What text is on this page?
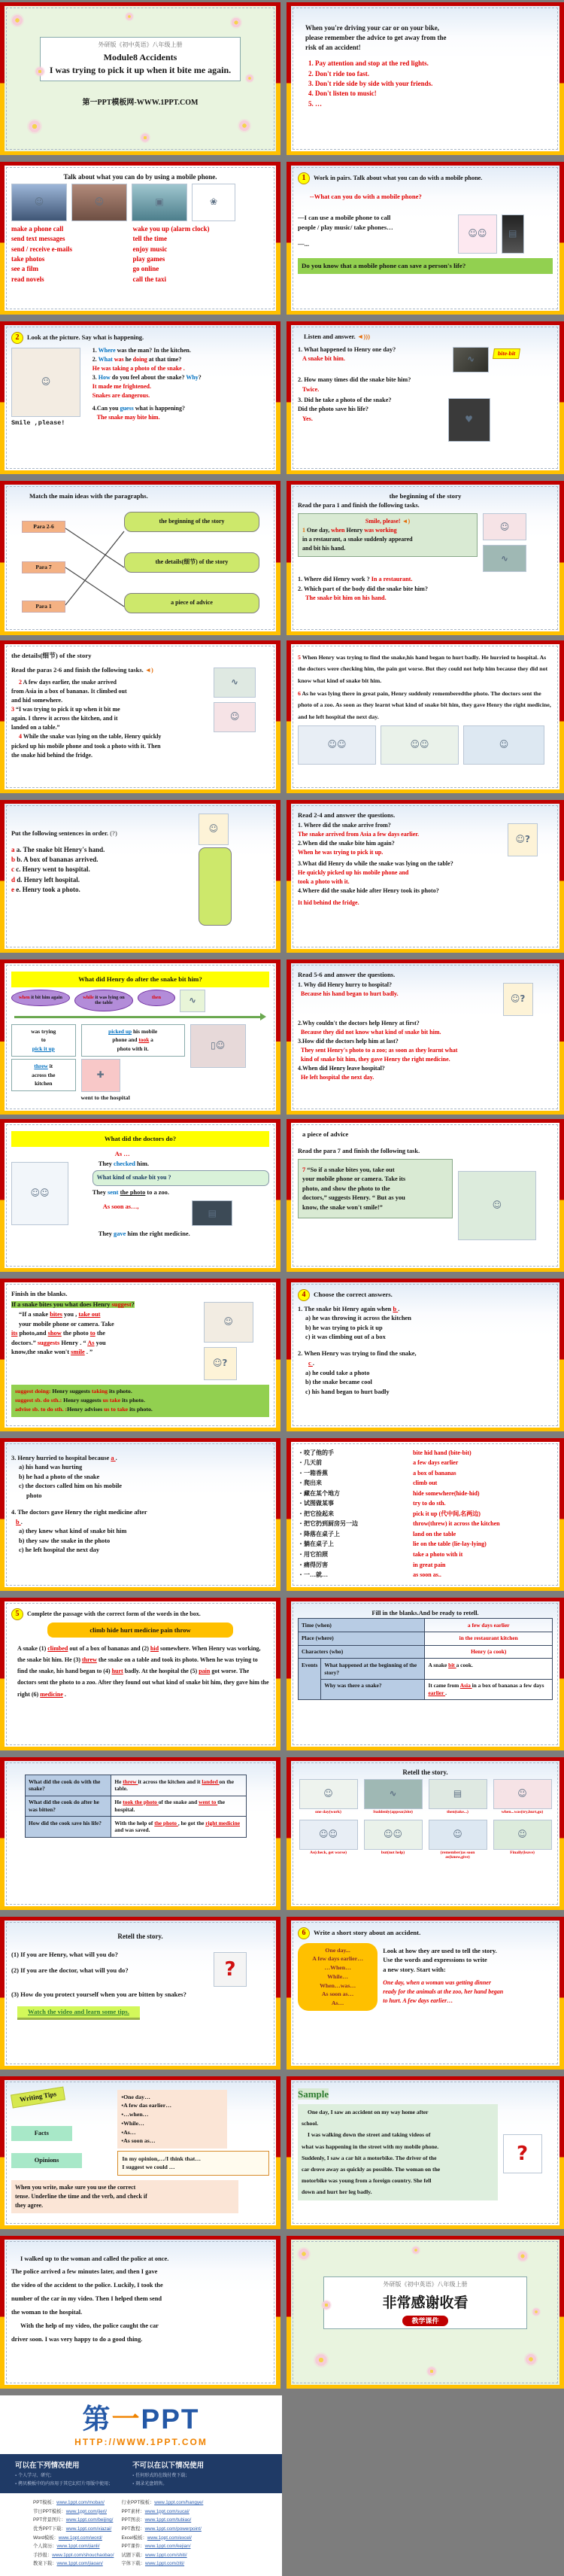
外研版《初中英语》八年级上册
Module8 Accidents
I was trying to pick it up when it bite me again.
第一PPT模板网-WWW.1PPT.COM
When you're driving your car or on your bike,
please remember the advice to get away from the
risk of an accident!
1. Pay attention and stop at the red lights.
2. Don't ride too fast.
3. Don't ride side by side with your friends.
4. Don't listen to music!
5. …
Talk about what you can do by using a mobile phone.
☺	☺	▣	❀
make a phone call
send text messages
send / receive e-mails
take photos
see a film
read novels
wake you up (alarm clock)
tell the time
enjoy music
play games
go online
call the taxi
1	Work in pairs. Talk about what you can do with a mobile phone.
--What can you do with a mobile phone?
—I can use a mobile phone to call
people / play music/ take phones…
—...
☺☺	▤
Do you know that a mobile phone can save a person's life?
2	Look at the picture. Say what is happening.
☺
Smile ,please!
1. Where was the man? In the kitchen.
2. What was he doing at that time?
He was taking a photo of the snake .
3. How do you feel about the snake? Why?
It made me frightened.
Snakes are dangerous.
4.Can you guess what is happening?
The snake may bite him.
Listen and answer. ◄)))
1. What happened to Henry one day?
A snake bit him.	∿
bite-bit
2. How many times did the snake bite him?
Twice.
3. Did he take a photo of the snake?
Did the photo save his life?
Yes.	♥
Match the main ideas with the paragraphs.
Para 2-6
Para 7
Para 1
the beginning of the story
the details(细节) of the story
a piece of advice
the beginning of the story
Read the para 1 and finish the following tasks.
Smile, please! ◄)
1 One day, when Henry was working
in a restaurant, a snake suddenly appeared
and bit his hand.
☺
∿
1. Where did Henry work ? In a restaurant.
2. Which part of the body did the snake bite him?
The snake bit him on his hand.
the details(细节) of the story
Read the paras 2-6 and finish the following tasks. ◄)
2 A few days earlier, the snake arrived
from Asia in a box of bananas. It climbed out
and hid somewhere.
3 “I was trying to pick it up when it bit me
again. I threw it across the kitchen, and it
landed on a table.”
4 While the snake was lying on the table, Henry quickly
picked up his mobile phone and took a photo with it. Then
the snake hid behind the fridge.
∿
☺
5 When Henry was trying to find the snake,his hand began to hurt badly. He hurried to hospital. As the doctors were checking him, the pain got worse. But they could not help him because they did not know what kind of snake bit him.
6 As he was lying there in great pain, Henry suddenly rememberedthe photo. The doctors sent the photo of a zoo. As soon as they learnt what kind of snake bit him, they gave Henry the right medicine, and he left hospital the next day.
☺☺	☺☺	☺
Put the following sentences in order. (?)
a a. The snake bit Henry's hand.
b b. A box of bananas arrived.
c c. Henry went to hospital.
d d. Henry left hospital.
e e. Henry took a photo.
☺
Read 2-4 and answer the questions.
1. Where did the snake arrive from?
The snake arrived from Asia a few days earlier.
2.When did the snake bite him again?
When he was trying to pick it up.
☺?
3.What did Henry do while the snake was lying on the table?
He quickly picked up his mobile phone and
took a photo with it.
4.Where did the snake hide after Henry took its photo?
It hid behind the fridge.
What did Henry do after the snake bit him?
when it bit him again	while it was lying on the table
then	∿
was trying
to
pick it up
threw it
across the
kitchen
picked up his mobile
phone and took a
photo with it.
✚
went to the hospital
▯☺
Read 5-6 and answer the questions.
1. Why did Henry hurry to hospital?
Because his hand began to hurt badly.	☺?
2.Why couldn't the doctors help Henry at first?
Because they did not know what kind of snake bit him.
3.How did the doctors help him at last?
They sent Henry's photo to a zoo; as soon as they learnt what
kind of snake bit him, they gave Henry the right medicine.
4.When did Henry leave hospital?
He left hospital the next day.
What did the doctors do?
☺☺
As …
They checked him.
What kind of snake bit you ?
They sent the photo to a zoo.
As soon as…,
▤
They gave him the right medicine.
a piece of advice
Read the para 7 and finish the following task.
7 “So if a snake bites you, take out
your mobile phone or camera. Take its
photo, and show the photo to the
doctors,” suggests Henry. “ But as you
know, the snake won't smile!”	☺
Finish in the blanks.
If a snake bites you what does Henry suggest?
“If a snake bites you , take out
your mobile phone or camera. Take
its photo,and show the photo to the
doctors.” suggests Henry . “ As you
know,the snake won't smile . ”
☺
☺?
suggest doing: Henry suggests taking its photo.
suggest sb. do sth.: Henry suggests us take its photo.
advise sb. to do sth. :Henry advises us to take its photo.
4	Choose the correct answers.
1. The snake bit Henry again when b .
a) he was throwing it across the kitchen
b) he was trying to pick it up
c) it was climbing out of a box
2. When Henry was trying to find the snake,
c .
a) he could take a photo
b) the snake became cool
c) his hand began to hurt badly
3. Henry hurried to hospital because a .
a) his hand was hurting
b) he had a photo of the snake
c) the doctors called him on his mobile
photo
4. The doctors gave Henry the right medicine after
b .
a) they knew what kind of snake bit him
b) they saw the snake in the photo
c) he left hospital the next day
・咬了他的手	bite hid hand (bite-bit)
・几天前	a few days earlier
・一箱香蕉	a box of bananas
・爬出来	climb out
・藏在某个地方	hide somewhere(hide-hid)
・试图做某事	try to do sth.
・把它捡起来	pick it up (代中间,名两边)
・把它扔到厨房另一边	throw(threw) it across the kitchen
・降落在桌子上	land on the table
・躺在桌子上	lie on the table (lie-lay-lying)
・用它拍照	take a photo with it
・痛得厉害	in great pain
・一…就…	as soon as..
5	Complete the passage with the correct form of the words in the box.
climb hide hurt medicine pain throw
A snake (1) climbed out of a box of bananas and (2) hid somewhere. When Henry was working, the snake bit him. He (3) threw the snake on a table and took its photo. When he was trying to find the snake, his hand began to (4) hurt badly. At the hospital the (5) pain got worse. The doctors sent the photo to a zoo. After they found out what kind of snake bit him, they gave him the right (6) medicine .
Fill in the blanks.And be ready to retell.
Time (when)		a few days earlier

Place (where)		in the restaurant kitchen

Characters (who)		Henry (a cook)

Events	What happened at the beginning of the story?	A snake bit a cook.

	Why was there a snake?	It came from Asia in a box of bananas a few days earlier .
What did the cook do with the snake?	He threw it across the kitchen and it landed on the table.

What did the cook do after he was bitten?	He took the photo of the snake and went to the hospital.

How did the cook save his life?	With the help of the photo , he got the right medicine and was saved.
Retell the story.
☺
one day(work)
∿
Suddenly(appear,bite)
▤
then(take...)
☺
when...was(try,hurt,go)
☺☺
As(check, get worse)
☺☺
but(not help)
☺
(remember)as soon as(know,give)
☺
Finally(leave)
Retell the story.
(1) If you are Henry, what will you do?
(2) If you are the doctor, what will you do?	?
(3) How do you protect yourself when you are bitten by snakes?
Watch the video and learn some tips.
6	Write a short story about an accident.
One day...
A few days earlier…
…When…
While…
When…was…
As soon as…
As…
Look at how they are used to tell the story.
Use the words and expressions to write
a new story. Start with:
One day, when a woman was getting dinner
ready for the animals at the zoo, her hand began
to hurt. A few days earlier…
Writing Tips
Facts
Opinions
•One day…
•A few das earlier…
•…when…
•While…
•As…
•As soon as…
In my opinion,…/I think that…
I suggest we could …
When you write, make sure you use the correct
tense. Underline the time and the verb, and check if
they agree.
Sample
One day, I saw an accident on my way home after
school.
I was walking down the street and taking videos of
what was happening in the street with my mobile phone.
Suddenly, I saw a car hit a motorbike. The driver of the
car drove away as quickly as possible. The woman on the
motorbike was young from a foreign country. She fell
down and hurt her leg badly.
?
I walked up to the woman and called the police at once.
The police arrived a few minutes later, and then I gave
the video of the accident to the police. Luckily, I took the
number of the car in my video. Then I helped them send
the woman to the hospital.
With the help of my video, the police caught the car
driver soon. I was very happy to do a good thing.
外研版《初中英语》八年级上册
非常感谢收看
教学课件
第一PPT
HTTP://WWW.1PPT.COM
可以在下列情况使用
▪ 个人学习、研究；
▪ 拷贝模板中的内容用于其它幻灯片母版中使用；
不可以在以下情况使用
▪ 任何形式的在线付费下载；
▪ 刻录光盘销售。
PPT模板：www.1ppt.com/moban/
节日PPT模板：www.1ppt.com/jieri/
PPT背景图片：www.1ppt.com/beijing/
优秀PPT下载：www.1ppt.com/xiazai/
Word模板：www.1ppt.com/word/
个人简历：www.1ppt.com/jianli/
手抄报：www.1ppt.com/shouchaobao/
教案下载：www.1ppt.com/jiaoan/
行业PPT模板：www.1ppt.com/hangye/
PPT素材：www.1ppt.com/sucai/
PPT图表：www.1ppt.com/tubiao/
PPT教程：www.1ppt.com/powerpoint/
Excel模板：www.1ppt.com/excel/
PPT课件：www.1ppt.com/kejian/
试题下载：www.1ppt.com/shiti/
字体下载：www.1ppt.com/ziti/
